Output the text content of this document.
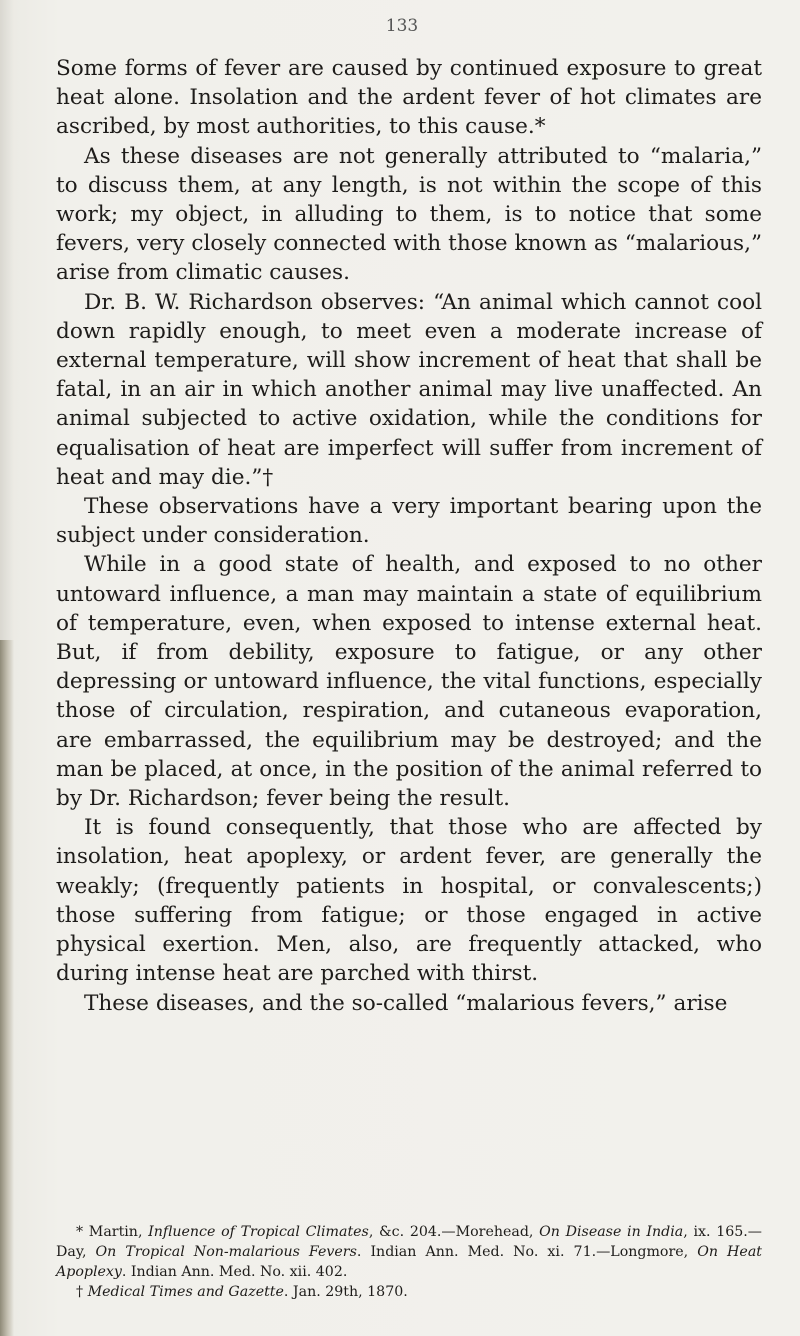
133

Some forms of fever are caused by continued exposure to great heat alone. Insolation and the ardent fever of hot climates are ascribed, by most authorities, to this cause.*

As these diseases are not generally attributed to “malaria,” to discuss them, at any length, is not within the scope of this work; my object, in alluding to them, is to notice that some fevers, very closely connected with those known as “malarious,” arise from climatic causes.

Dr. B. W. Richardson observes: “An animal which cannot cool down rapidly enough, to meet even a moderate increase of external temperature, will show increment of heat that shall be fatal, in an air in which another animal may live unaffected. An animal subjected to active oxidation, while the conditions for equalisation of heat are imperfect will suffer from increment of heat and may die.”†

These observations have a very important bearing upon the subject under consideration.

While in a good state of health, and exposed to no other untoward influence, a man may maintain a state of equilibrium of temperature, even, when exposed to intense external heat. But, if from debility, exposure to fatigue, or any other depressing or untoward influence, the vital functions, especially those of circulation, respiration, and cutaneous evaporation, are embarrassed, the equilibrium may be destroyed; and the man be placed, at once, in the position of the animal referred to by Dr. Richardson; fever being the result.

It is found consequently, that those who are affected by insolation, heat apoplexy, or ardent fever, are generally the weakly; (frequently patients in hospital, or convalescents;) those suffering from fatigue; or those engaged in active physical exertion. Men, also, are frequently attacked, who during intense heat are parched with thirst.

These diseases, and the so-called “malarious fevers,” arise

* Martin, Influence of Tropical Climates, &c. 204.—Morehead, On Disease in India, ix. 165.—Day, On Tropical Non-malarious Fevers. Indian Ann. Med. No. xi. 71.—Longmore, On Heat Apoplexy. Indian Ann. Med. No. xii. 402.

† Medical Times and Gazette. Jan. 29th, 1870.
